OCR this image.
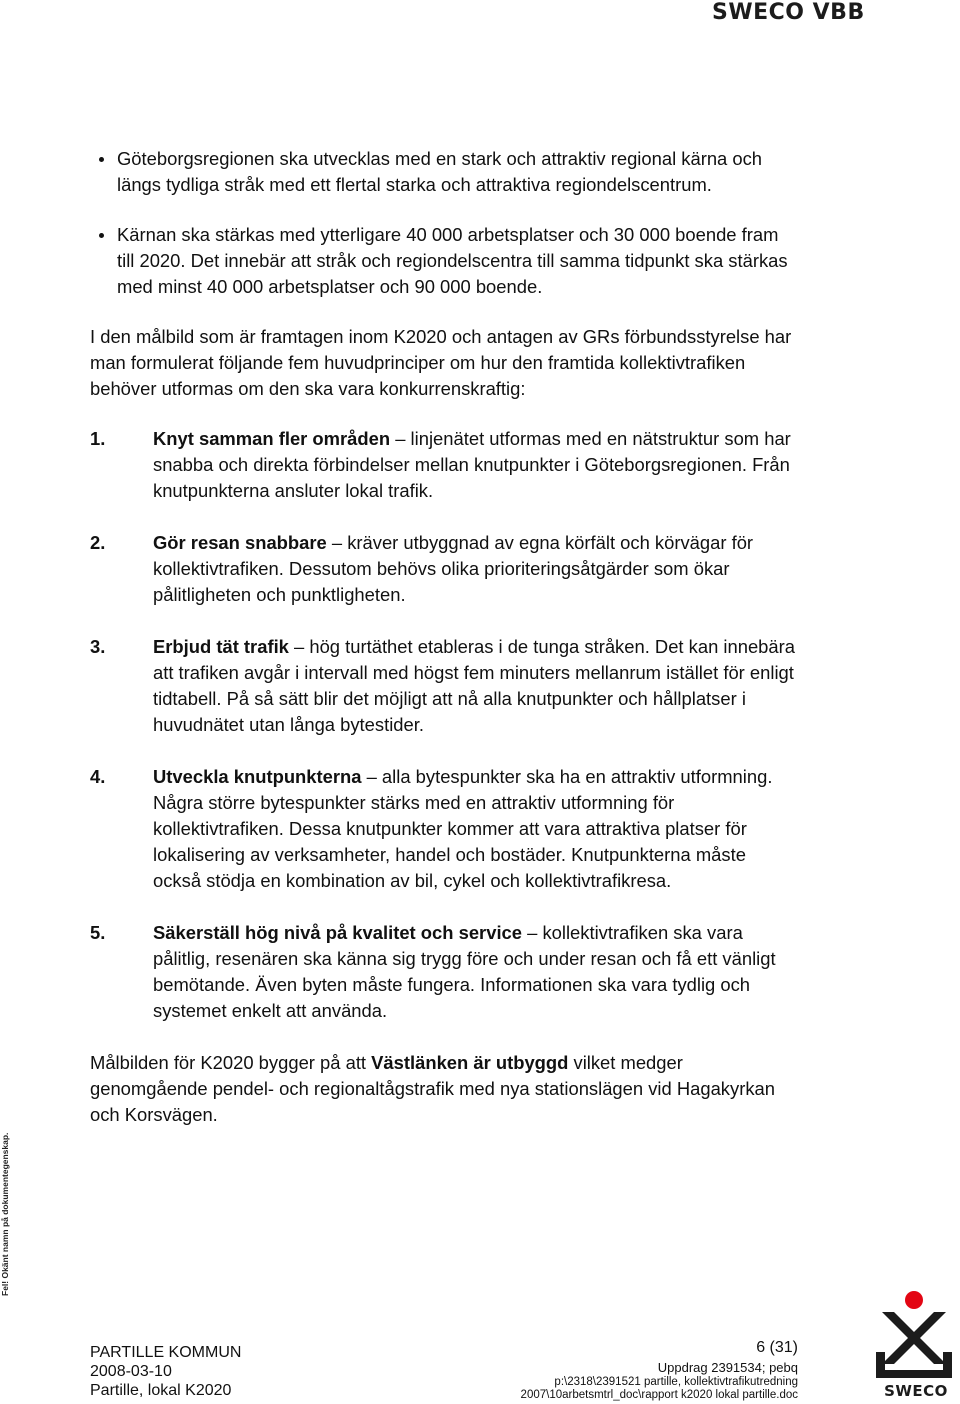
SWECO VBB
Göteborgsregionen ska utvecklas med en stark och attraktiv regional kärna och längs tydliga stråk med ett flertal starka och attraktiva regiondelscentrum.
Kärnan ska stärkas med ytterligare 40 000 arbetsplatser och 30 000 boende fram till 2020. Det innebär att stråk och regiondelscentra till samma tidpunkt ska stärkas med minst 40 000 arbetsplatser och 90 000 boende.

I den målbild som är framtagen inom K2020 och antagen av GRs förbundsstyrelse har man formulerat följande fem huvudprinciper om hur den framtida kollektivtrafiken behöver utformas om den ska vara konkurrenskraftig:

1.	Knyt samman fler områden – linjenätet utformas med en nätstruktur som har snabba och direkta förbindelser mellan knutpunkter i Göteborgsregionen. Från knutpunkterna ansluter lokal trafik.
2.	Gör resan snabbare – kräver utbyggnad av egna körfält och körvägar för kollektivtrafiken. Dessutom behövs olika prioriteringsåtgärder som ökar pålitligheten och punktligheten.
3.	Erbjud tät trafik – hög turtäthet etableras i de tunga stråken. Det kan innebära att trafiken avgår i intervall med högst fem minuters mellanrum istället för enligt tidtabell. På så sätt blir det möjligt att nå alla knutpunkter och hållplatser i huvudnätet utan långa bytestider.
4.	Utveckla knutpunkterna – alla bytespunkter ska ha en attraktiv utformning. Några större bytespunkter stärks med en attraktiv utformning för kollektivtrafiken. Dessa knutpunkter kommer att vara attraktiva platser för lokalisering av verksamheter, handel och bostäder. Knutpunkterna måste också stödja en kombination av bil, cykel och kollektivtrafikresa.
5.	Säkerställ hög nivå på kvalitet och service – kollektivtrafiken ska vara pålitlig, resenären ska känna sig trygg före och under resan och få ett vänligt bemötande. Även byten måste fungera. Informationen ska vara tydlig och systemet enkelt att använda.

Målbilden för K2020 bygger på att Västlänken är utbyggd vilket medger genomgående pendel- och regionaltågstrafik med nya stationslägen vid Hagakyrkan och Korsvägen.

Fel! Okänt namn på dokumentegenskap.
PARTILLE KOMMUN
2008-03-10
Partille, lokal K2020
6 (31)
Uppdrag 2391534; pebq
p:\2318\2391521 partille, kollektivtrafikutredning
2007\10arbetsmtrl_doc\rapport k2020 lokal partille.doc	SWECO
